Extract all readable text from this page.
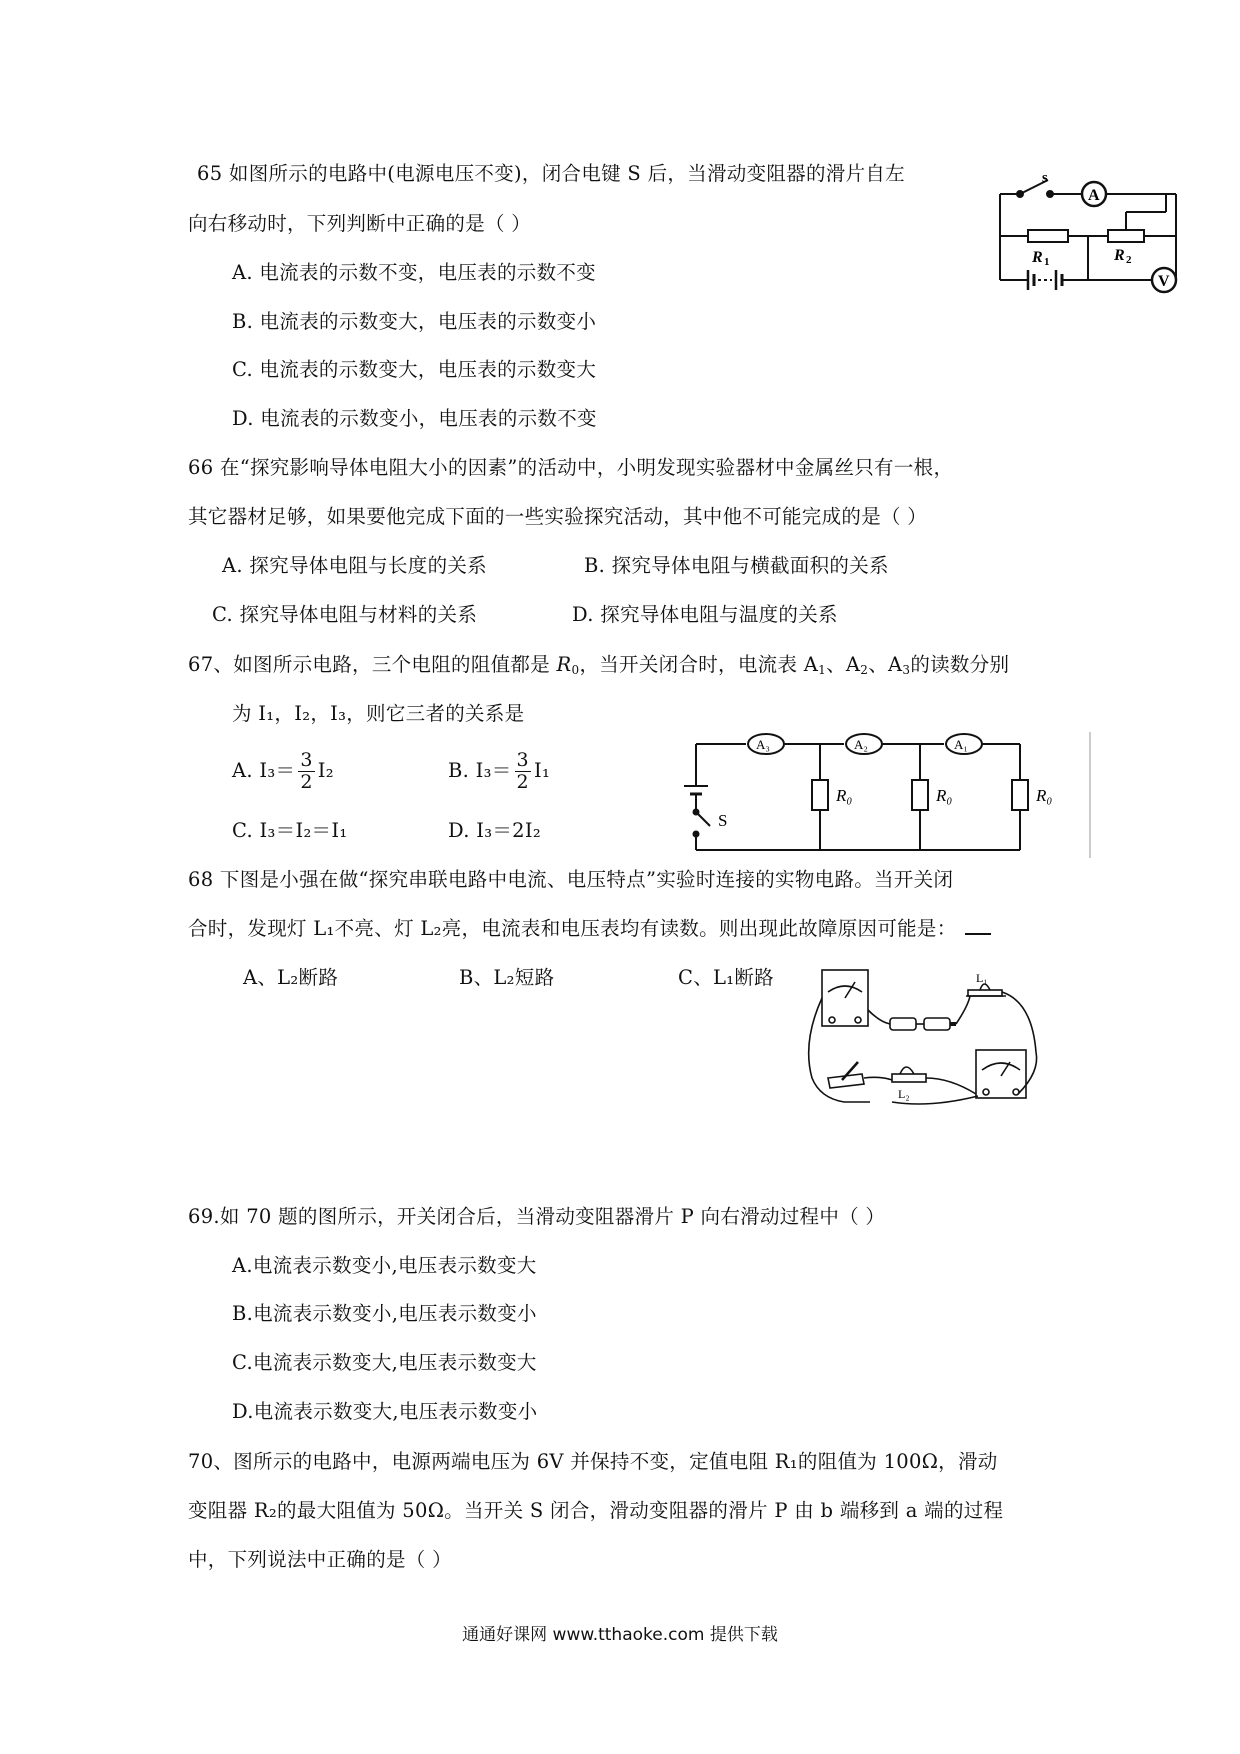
65 如图所示的电路中(电源电压不变)，闭合电键 S 后，当滑动变阻器的滑片自左
向右移动时，下列判断中正确的是（ ）
A. 电流表的示数不变，电压表的示数不变
B. 电流表的示数变大，电压表的示数变小
C. 电流表的示数变大，电压表的示数变大
D. 电流表的示数变小，电压表的示数不变
s
A
R 1	R 2
V
66 在“探究影响导体电阻大小的因素”的活动中，小明发现实验器材中金属丝只有一根，
其它器材足够，如果要他完成下面的一些实验探究活动，其中他不可能完成的是（ ）
A. 探究导体电阻与长度的关系	B. 探究导体电阻与横截面积的关系
C. 探究导体电阻与材料的关系	D. 探究导体电阻与温度的关系
67、如图所示电路，三个电阻的阻值都是 $R_0$，当开关闭合时，电流表 $A_1$、$A_2$、$A_3$的读数分别
为 I₁，I₂，I₃，则它三者的关系是
A. $I_3= \frac{3}{2} I_2$	B. $I_3= \frac{3}{2} I_1$
C. I₃＝I₂＝I₁	D. I₃＝2I₂
A₃	A₂	A₁
R₀	R₀	R₀
S
68 下图是小强在做“探究串联电路中电流、电压特点”实验时连接的实物电路。当开关闭
合时，发现灯 L₁不亮、灯 L₂亮，电流表和电压表均有读数。则出现此故障原因可能是：
A、L₂断路	B、L₂短路	C、L₁断路	L₁
L₂
69.如 70 题的图所示，开关闭合后，当滑动变阻器滑片 P 向右滑动过程中（ ）
A.电流表示数变小,电压表示数变大
B.电流表示数变小,电压表示数变小
C.电流表示数变大,电压表示数变大
D.电流表示数变大,电压表示数变小
70、图所示的电路中，电源两端电压为 6V 并保持不变，定值电阻 R₁的阻值为 100Ω，滑动
变阻器 R₂的最大阻值为 50Ω。当开关 S 闭合，滑动变阻器的滑片 P 由 b 端移到 a 端的过程
中，下列说法中正确的是（ ）
通通好课网 www.tthaoke.com 提供下载
